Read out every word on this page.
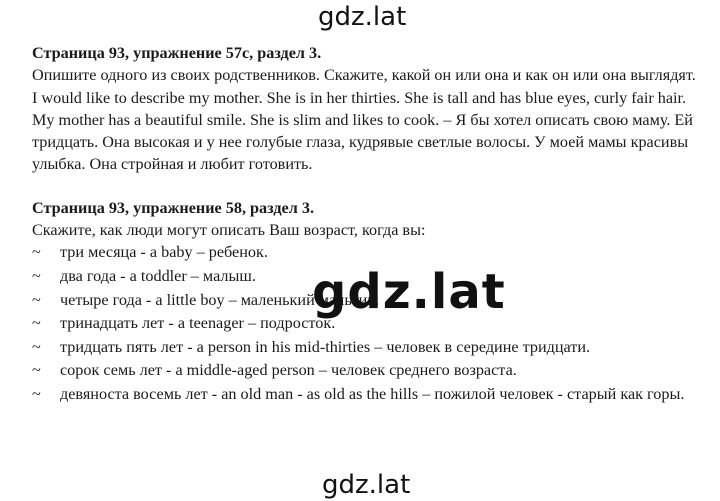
gdz.lat

Страница 93, упражнение 57c, раздел 3.

Опишите одного из своих родственников. Скажите, какой он или она и как он или она выглядят.

I would like to describe my mother. She is in her thirties. She is tall and has blue eyes, curly fair hair. My mother has a beautiful smile. She is slim and likes to cook. – Я бы хотел описать свою маму. Ей тридцать. Она высокая и у нее голубые глаза, кудрявые светлые волосы. У моей мамы красивы улыбка. Она стройная и любит готовить.

Страница 93, упражнение 58, раздел 3.

Скажите, как люди могут описать Ваш возраст, когда вы:

~	три месяца - a baby – ребенок.
~	два года - a toddler – малыш.
~	четыре года - a little boy – маленький мальчик.
~	тринадцать лет - a teenager – подросток.
~	тридцать пять лет - a person in his mid-thirties – человек в середине тридцати.
~	сорок семь лет - a middle-aged person – человек среднего возраста.
~	девяноста восемь лет - an old man - as old as the hills – пожилой человек - старый как горы.
gdz.lat
gdz.lat
